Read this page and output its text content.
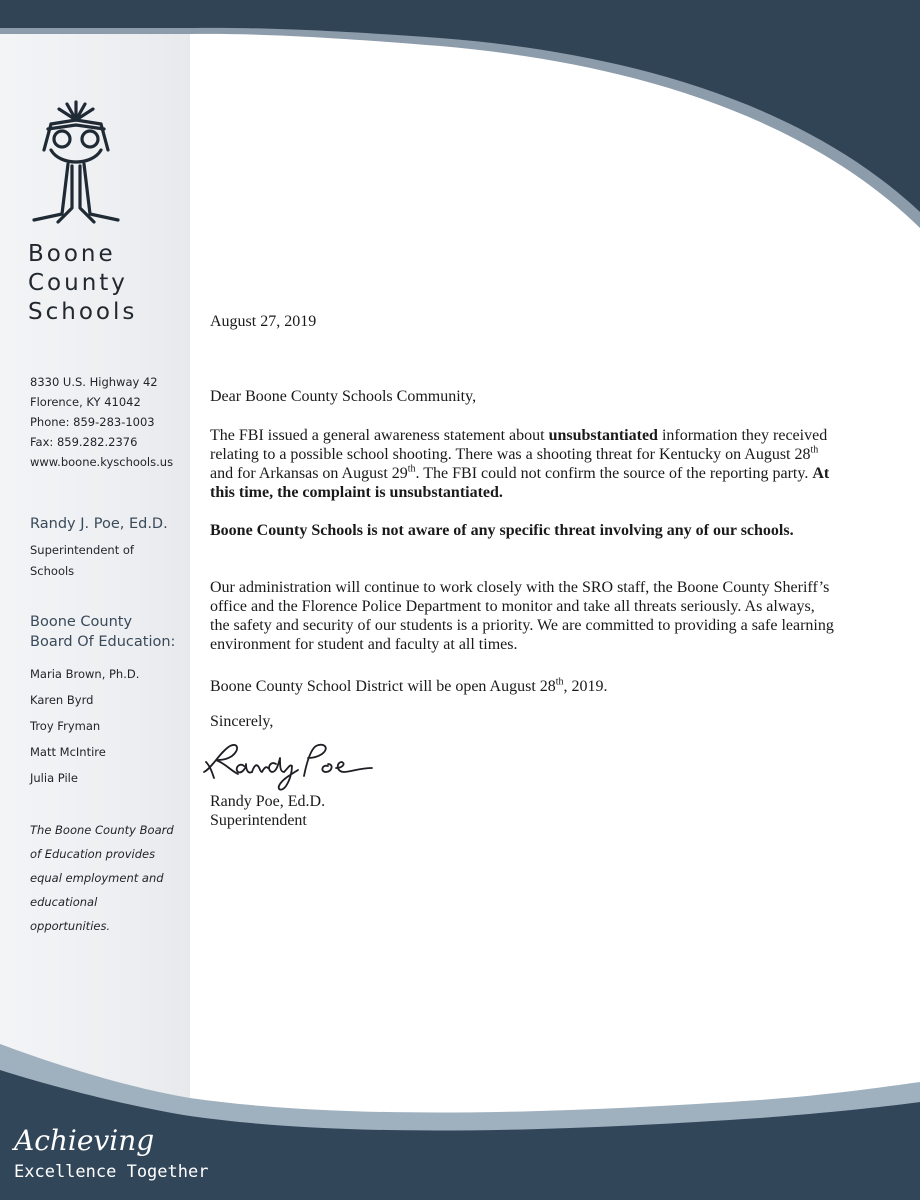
Boone
County
Schools
8330 U.S. Highway 42
Florence, KY 41042
Phone: 859-283-1003
Fax: 859.282.2376
www.boone.kyschools.us
Randy J. Poe, Ed.D.
Superintendent of Schools
Boone County
Board Of Education:
Maria Brown, Ph.D.
Karen Byrd
Troy Fryman
Matt McIntire
Julia Pile
The Boone County Board of Education provides equal employment and educational opportunities.
Achieving
Excellence Together
August 27, 2019
Dear Boone County Schools Community,
The FBI issued a general awareness statement about unsubstantiated information they received relating to a possible school shooting. There was a shooting threat for Kentucky on August 28th and for Arkansas on August 29th. The FBI could not confirm the source of the reporting party. At this time, the complaint is unsubstantiated.
Boone County Schools is not aware of any specific threat involving any of our schools.
Our administration will continue to work closely with the SRO staff, the Boone County Sheriff’s office and the Florence Police Department to monitor and take all threats seriously. As always, the safety and security of our students is a priority. We are committed to providing a safe learning environment for student and faculty at all times.
Boone County School District will be open August 28th, 2019.
Sincerely,
Randy Poe, Ed.D.
Superintendent
